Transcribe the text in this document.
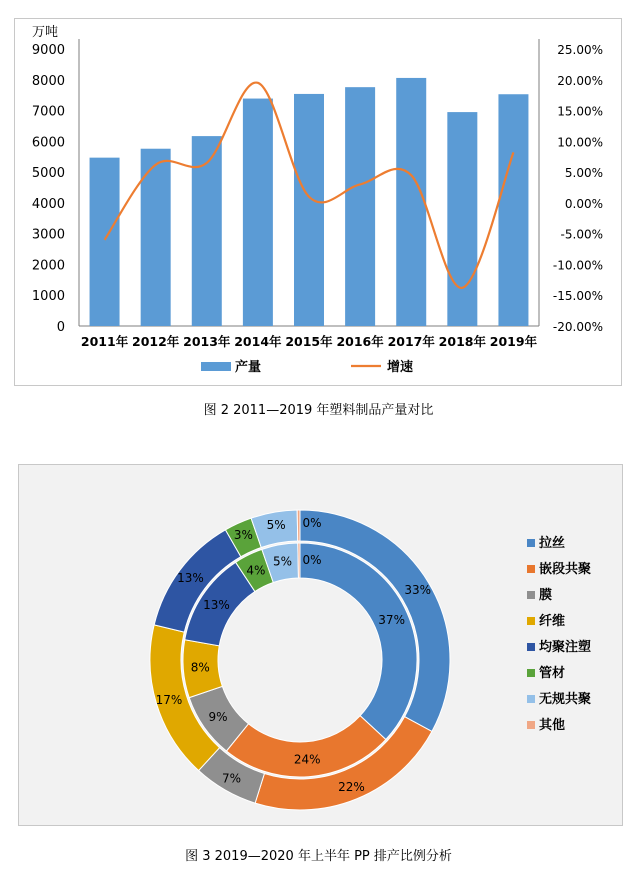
0
1000
2000
3000
4000
5000
6000
7000
8000
9000
万吨
-20.00%
-15.00%
-10.00%
-5.00%
0.00%
5.00%
10.00%
15.00%
20.00%
25.00%
2011年 2012年 2013年 2014年 2015年 2016年 2017年 2018年 2019年
产量	增速
图 2 2011—2019 年塑料制品产量对比
33%
22%
7%
17%
13%
3%
5% 0%
37%
24%
9%
8%
13%
4%
5% 0%
拉丝
嵌段共聚
膜
纤维
均聚注塑
管材
无规共聚
其他
图 3 2019—2020 年上半年 PP 排产比例分析
